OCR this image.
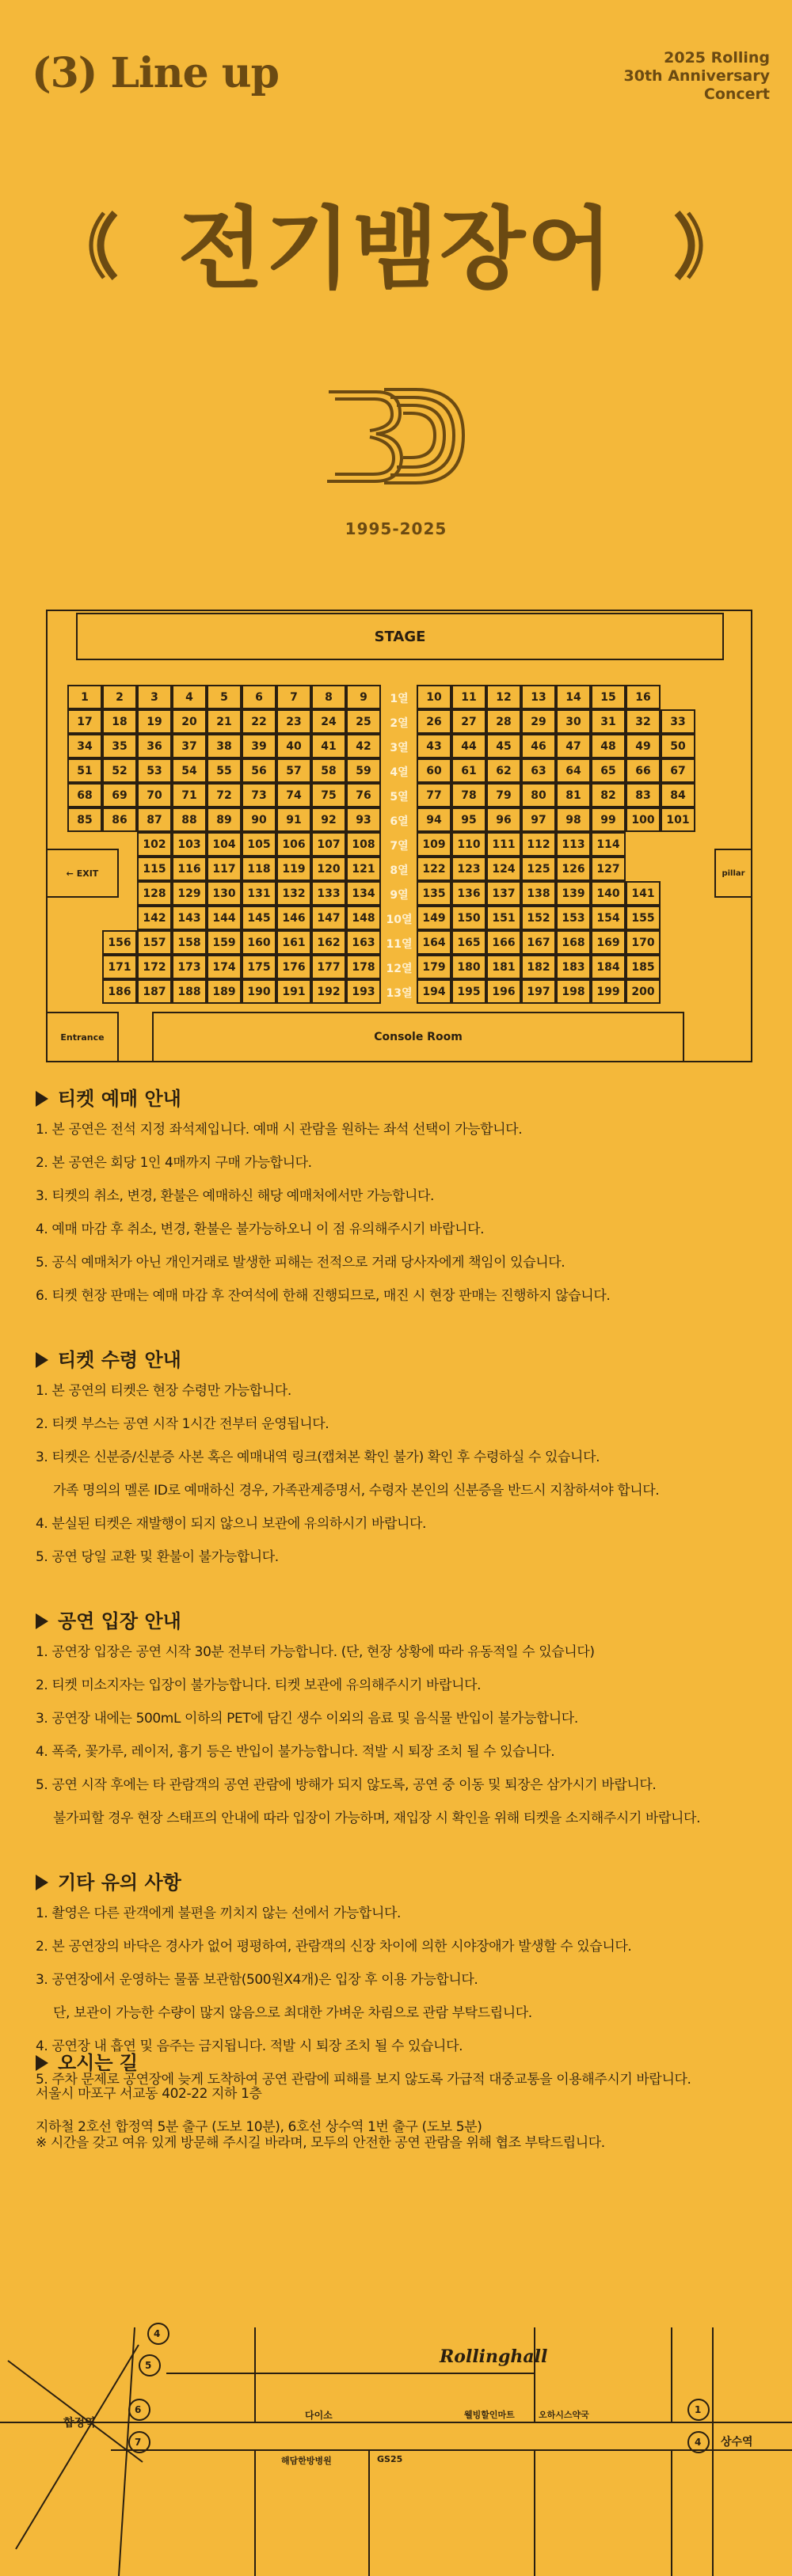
(3) Line up	2025 Rolling
30th Anniversary
Concert
전기뱀장어
1995-2025
STAGE
← EXIT	pillar
Entrance	Console Room
1	2	3	4	5	6	7	8	9	1열	10	11	12	13	14	15	16
17	18	19	20	21	22	23	24	25	2열	26	27	28	29	30	31	32	33
34	35	36	37	38	39	40	41	42	3열	43	44	45	46	47	48	49	50
51	52	53	54	55	56	57	58	59	4열	60	61	62	63	64	65	66	67
68	69	70	71	72	73	74	75	76	5열	77	78	79	80	81	82	83	84
85	86	87	88	89	90	91	92	93	6열	94	95	96	97	98	99	100	101
102	103	104	105	106	107	108	7열	109	110	111	112	113	114
115	116	117	118	119	120	121	8열	122	123	124	125	126	127
128	129	130	131	132	133	134	9열	135	136	137	138	139	140	141
142	143	144	145	146	147	148 10열 149	150	151	152	153	154	155
156	157	158	159	160	161	162	163 11열 164	165	166	167	168	169	170
171	172	173	174	175	176	177	178 12열 179	180	181	182	183	184	185
186	187	188	189	190	191	192	193 13열 194	195	196	197	198	199	200
티켓 예매 안내
1. 본 공연은 전석 지정 좌석제입니다. 예매 시 관람을 원하는 좌석 선택이 가능합니다.
2. 본 공연은 회당 1인 4매까지 구매 가능합니다.
3. 티켓의 취소, 변경, 환불은 예매하신 해당 예매처에서만 가능합니다.
4. 예매 마감 후 취소, 변경, 환불은 불가능하오니 이 점 유의해주시기 바랍니다.
5. 공식 예매처가 아닌 개인거래로 발생한 피해는 전적으로 거래 당사자에게 책임이 있습니다.
6. 티켓 현장 판매는 예매 마감 후 잔여석에 한해 진행되므로, 매진 시 현장 판매는 진행하지 않습니다.
티켓 수령 안내
1. 본 공연의 티켓은 현장 수령만 가능합니다.
2. 티켓 부스는 공연 시작 1시간 전부터 운영됩니다.
3. 티켓은 신분증/신분증 사본 혹은 예매내역 링크(캡쳐본 확인 불가) 확인 후 수령하실 수 있습니다.
가족 명의의 멜론 ID로 예매하신 경우, 가족관계증명서, 수령자 본인의 신분증을 반드시 지참하셔야 합니다.
4. 분실된 티켓은 재발행이 되지 않으니 보관에 유의하시기 바랍니다.
5. 공연 당일 교환 및 환불이 불가능합니다.
공연 입장 안내
1. 공연장 입장은 공연 시작 30분 전부터 가능합니다. (단, 현장 상황에 따라 유동적일 수 있습니다)
2. 티켓 미소지자는 입장이 불가능합니다. 티켓 보관에 유의해주시기 바랍니다.
3. 공연장 내에는 500mL 이하의 PET에 담긴 생수 이외의 음료 및 음식물 반입이 불가능합니다.
4. 폭죽, 꽃가루, 레이저, 흉기 등은 반입이 불가능합니다. 적발 시 퇴장 조치 될 수 있습니다.
5. 공연 시작 후에는 타 관람객의 공연 관람에 방해가 되지 않도록, 공연 중 이동 및 퇴장은 삼가시기 바랍니다.
불가피할 경우 현장 스태프의 안내에 따라 입장이 가능하며, 재입장 시 확인을 위해 티켓을 소지해주시기 바랍니다.
기타 유의 사항
1. 촬영은 다른 관객에게 불편을 끼치지 않는 선에서 가능합니다.
2. 본 공연장의 바닥은 경사가 없어 평평하여, 관람객의 신장 차이에 의한 시야장애가 발생할 수 있습니다.
3. 공연장에서 운영하는 물품 보관함(500원X4개)은 입장 후 이용 가능합니다.
단, 보관이 가능한 수량이 많지 않음으로 최대한 가벼운 차림으로 관람 부탁드립니다.
4. 공연장 내 흡연 및 음주는 금지됩니다. 적발 시 퇴장 조치 될 수 있습니다.
5. 주차 문제로 공연장에 늦게 도착하여 공연 관람에 피해를 보지 않도록 가급적 대중교통을 이용해주시기 바랍니다.
오시는 길
서울시 마포구 서교동 402-22 지하 1층
지하철 2호선 합정역 5분 출구 (도보 10분), 6호선 상수역 1번 출구 (도보 5분)
※ 시간을 갖고 여유 있게 방문해 주시길 바라며, 모두의 안전한 공연 관람을 위해 협조 부탁드립니다.
4
5
6
7
1
4
합정역
상수역
Rollinghall
다이소
해담한방병원	GS25
웰빙할인마트	오하시스약국
